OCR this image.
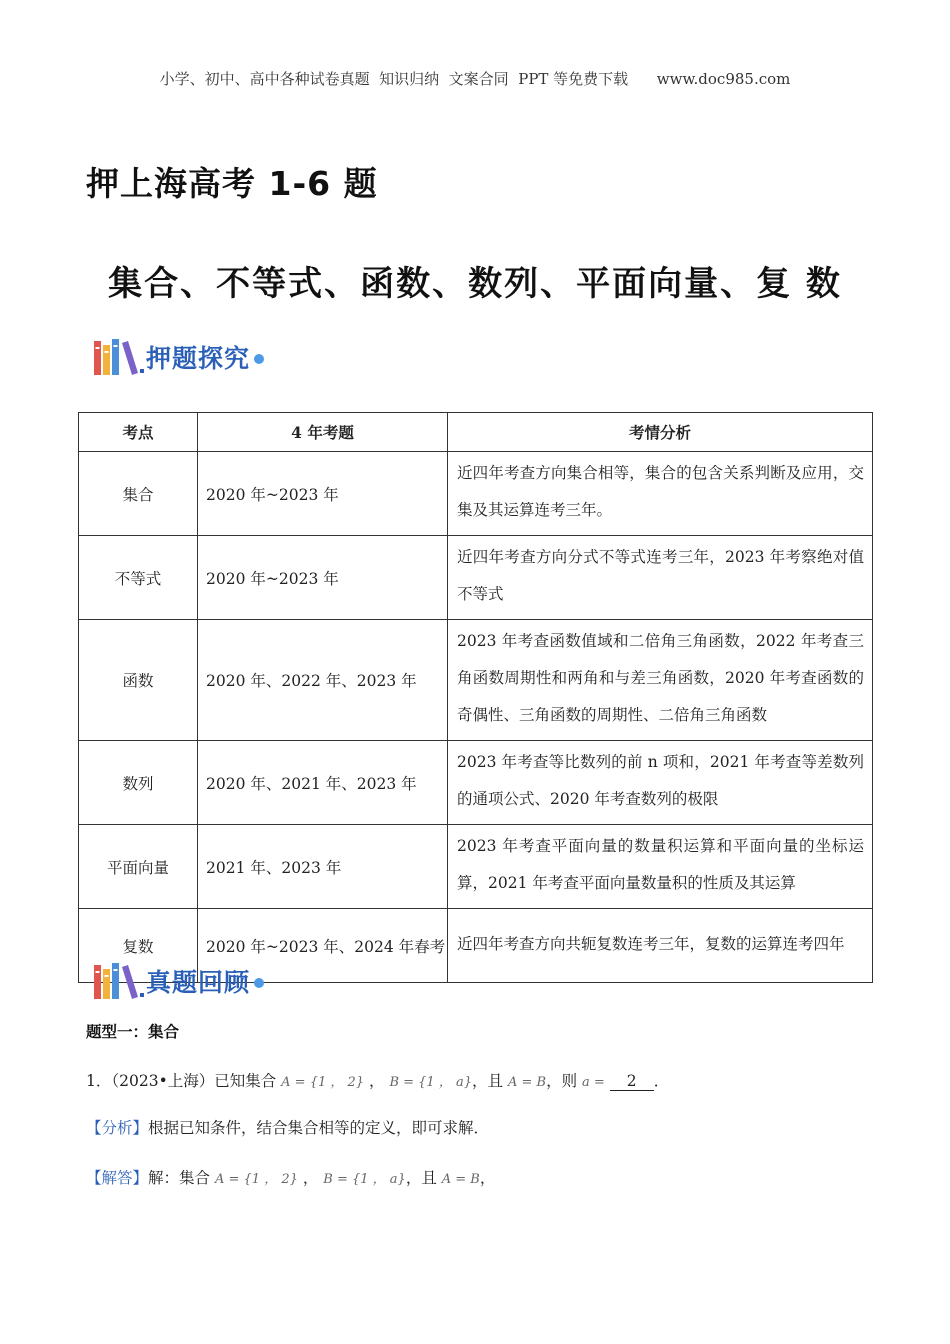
小学、初中、高中各种试卷真题  知识归纳  文案合同  PPT 等免费下载      www.doc985.com
押上海高考 1-6 题
集合、不等式、函数、数列、平面向量、复 数
押题探究
考点	4 年考题	考情分析
集合	2020 年~2023 年	近四年考查方向集合相等，集合的包含关系判断及应用，交集及其运算连考三年。
不等式	2020 年~2023 年	近四年考查方向分式不等式连考三年，2023 年考察绝对值不等式
函数	2020 年、2022 年、2023 年	2023 年考查函数值域和二倍角三角函数，2022 年考查三角函数周期性和两角和与差三角函数，2020 年考查函数的奇偶性、三角函数的周期性、二倍角三角函数
数列	2020 年、2021 年、2023 年	2023 年考查等比数列的前 n 项和，2021 年考查等差数列的通项公式、2020 年考查数列的极限
平面向量	2021 年、2023 年	2023 年考查平面向量的数量积运算和平面向量的坐标运算，2021 年考查平面向量数量积的性质及其运算
复数	2020 年~2023 年、2024 年春考	近四年考查方向共轭复数连考三年，复数的运算连考四年
真题回顾
题型一：集合
1．（2023•上海）已知集合 A = {1 ， 2} ， B = {1 ， a}，且 A = B，则 a = 2 ．
【分析】根据已知条件，结合集合相等的定义，即可求解．
【解答】解：集合 A = {1 ， 2} ， B = {1 ， a}，且 A = B，
